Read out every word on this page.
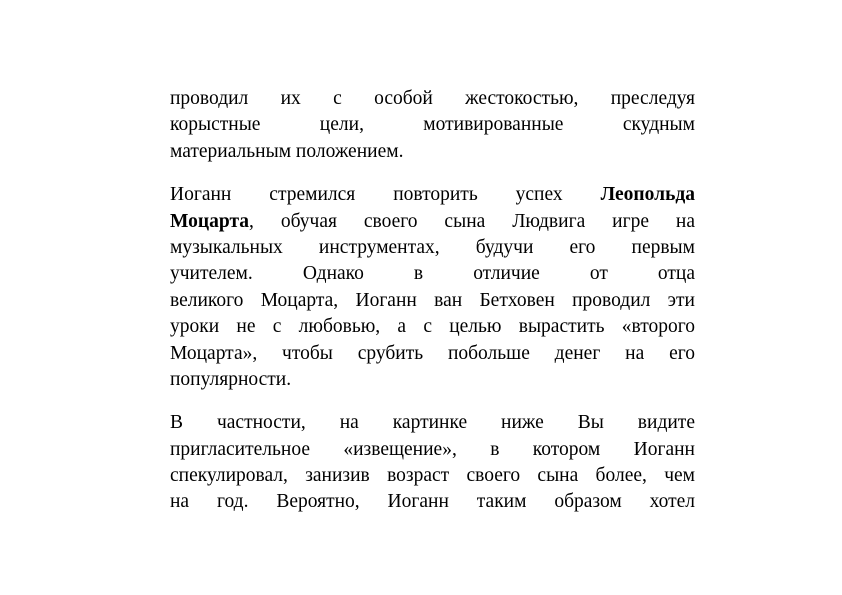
проводил их с особой жестокостью, преследуя
корыстные цели, мотивированные скудным
материальным положением.
Иоганн стремился повторить успех Леопольда
Моцарта, обучая своего сына Людвига игре на
музыкальных инструментах, будучи его первым
учителем. Однако в отличие от отца
великого Моцарта, Иоганн ван Бетховен проводил эти
уроки не с любовью, а с целью вырастить «второго
Моцарта», чтобы срубить побольше денег на его
популярности.
В частности, на картинке ниже Вы видите
пригласительное «извещение», в котором Иоганн
спекулировал, занизив возраст своего сына более, чем
на год. Вероятно, Иоганн таким образом хотел
